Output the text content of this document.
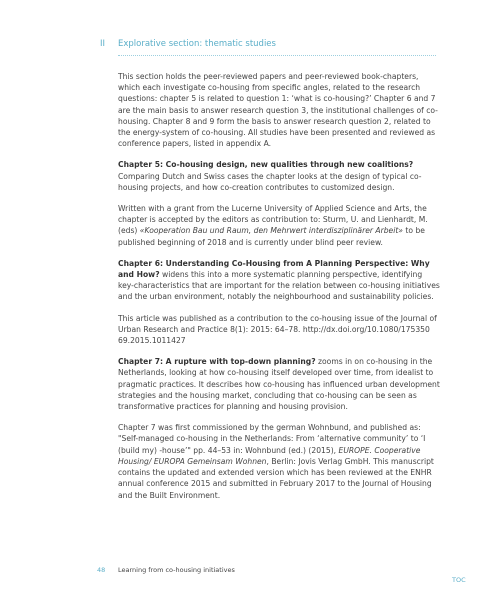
II Explorative section: thematic studies

This section holds the peer-reviewed papers and peer-reviewed book-chapters, which each investigate co-housing from specific angles, related to the research questions: chapter 5 is related to question 1: ‘what is co-housing?’ Chapter 6 and 7 are the main basis to answer research question 3, the institutional challenges of co-housing. Chapter 8 and 9 form the basis to answer research question 2, related to the energy-system of co-housing. All studies have been presented and reviewed as conference papers, listed in appendix A.

Chapter 5: Co-housing design, new qualities through new coalitions? Comparing Dutch and Swiss cases the chapter looks at the design of typical co-housing projects, and how co-creation contributes to customized design.

Written with a grant from the Lucerne University of Applied Science and Arts, the chapter is accepted by the editors as contribution to: Sturm, U. and Lienhardt, M. (eds) «Kooperation Bau und Raum, den Mehrwert interdisziplinärer Arbeit» to be published beginning of 2018 and is currently under blind peer review.

Chapter 6: Understanding Co-Housing from A Planning Perspective: Why and How? widens this into a more systematic planning perspective, identifying key-characteristics that are important for the relation between co-housing initiatives and the urban environment, notably the neighbourhood and sustainability policies.

This article was published as a contribution to the co-housing issue of the Journal of Urban Research and Practice 8(1): 2015: 64–78. http://dx.doi.org/10.1080/175350 69.2015.1011427

Chapter 7: A rupture with top-down planning? zooms in on co-housing in the Netherlands, looking at how co-housing itself developed over time, from idealist to pragmatic practices. It describes how co-housing has influenced urban development strategies and the housing market, concluding that co-housing can be seen as transformative practices for planning and housing provision.

Chapter 7 was first commissioned by the german Wohnbund, and published as: "Self-managed co-housing in the Netherlands: From ‘alternative community’ to ‘I (build my) -house’" pp. 44–53 in: Wohnbund (ed.) (2015), EUROPE. Cooperative Housing/ EUROPA Gemeinsam Wohnen, Berlin: Jovis Verlag GmbH. This manuscript contains the updated and extended version which has been reviewed at the ENHR annual conference 2015 and submitted in February 2017 to the Journal of Housing and the Built Environment.

48 Learning from co-housing initiatives
TOC
